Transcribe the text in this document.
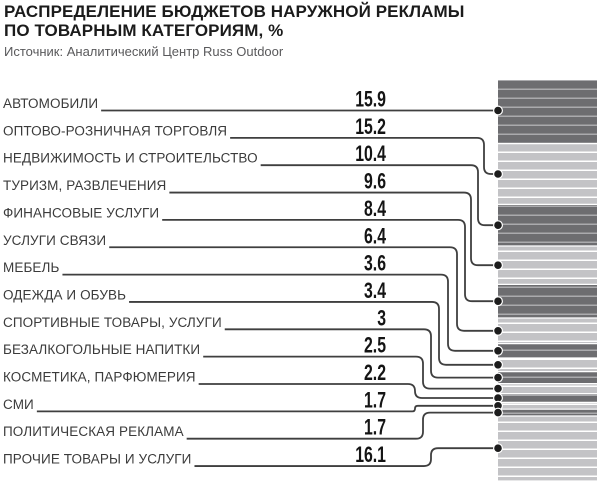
РАСПРЕДЕЛЕНИЕ БЮДЖЕТОВ НАРУЖНОЙ РЕКЛАМЫ
ПО ТОВАРНЫМ КАТЕГОРИЯМ, %
Источник: Аналитический Центр Russ Outdoor
АВТОМОБИЛИ	15.9
ОПТОВО-РОЗНИЧНАЯ ТОРГОВЛЯ	15.2
НЕДВИЖИМОСТЬ И СТРОИТЕЛЬСТВО	10.4
ТУРИЗМ, РАЗВЛЕЧЕНИЯ	9.6
ФИНАНСОВЫЕ УСЛУГИ	8.4
УСЛУГИ СВЯЗИ	6.4
МЕБЕЛЬ	3.6
ОДЕЖДА И ОБУВЬ	3.4
СПОРТИВНЫЕ ТОВАРЫ, УСЛУГИ	3
БЕЗАЛКОГОЛЬНЫЕ НАПИТКИ	2.5
КОСМЕТИКА, ПАРФЮМЕРИЯ	2.2
СМИ	1.7
ПОЛИТИЧЕСКАЯ РЕКЛАМА	1.7
ПРОЧИЕ ТОВАРЫ И УСЛУГИ	16.1
